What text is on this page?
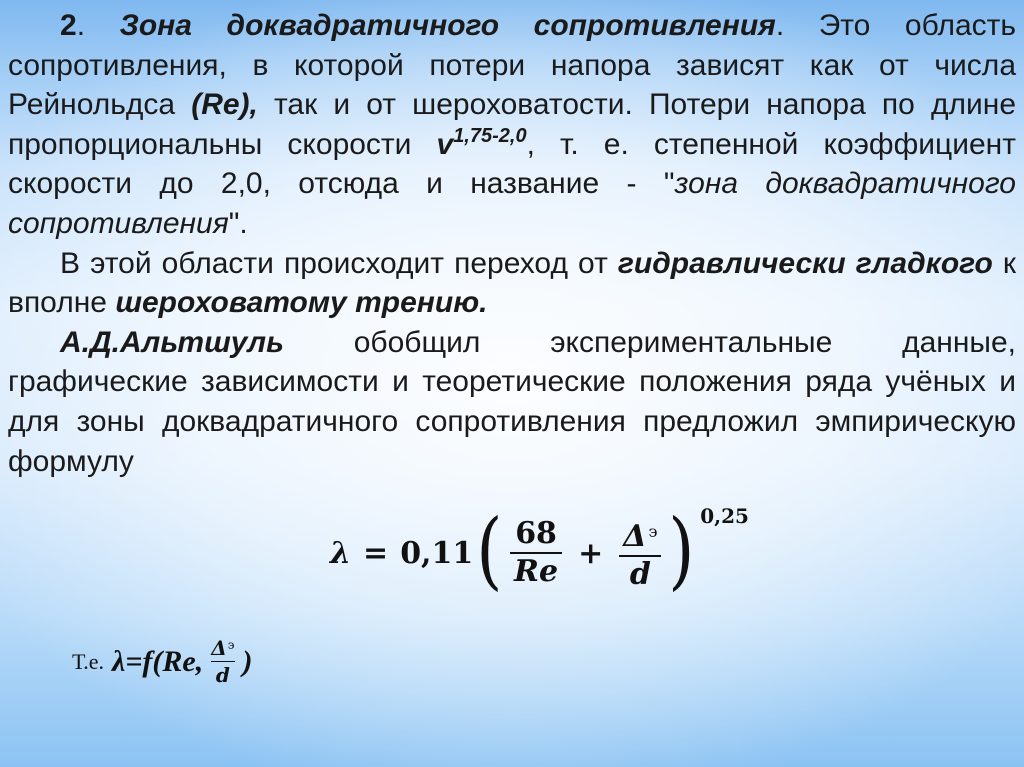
2. Зона доквадратичного сопротивления. Это область сопротивления, в которой потери напора зависят как от числа Рейнольдса (Re), так и от шероховатости. Потери напора по длине пропорциональны скорости $v^{1,75-2,0}$, т. е. степенной коэффициент скорости до 2,0, отсюда и название - "зона доквадратичного сопротивления".

В этой области происходит переход от гидравлически гладкого к вполне шероховатому трению.

А.Д.Альтшуль обобщил экспериментальные данные, графические зависимости и теоретические положения ряда учёных и для зоны доквадратичного сопротивления предложил эмпирическую формулу

λ = 0,11 ( $\frac{68}{Re} + \frac{\Delta ^э}{d}$ ) 0,25
Т.е. λ=f(Re, $\Delta^э$
d )
